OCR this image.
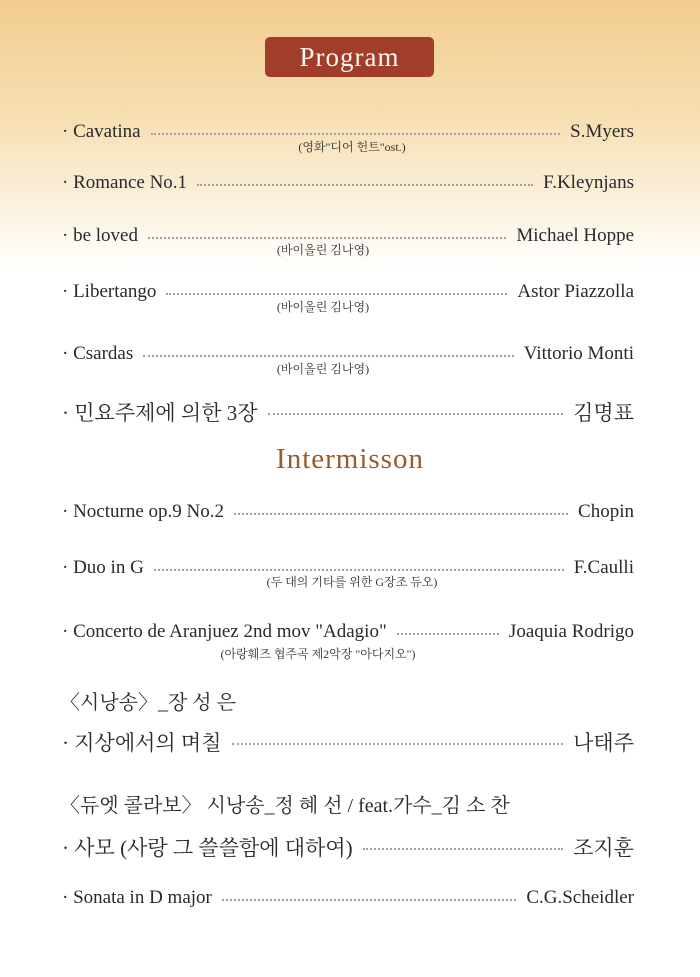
Program
· Cavatina	S.Myers
(영화"디어 헌트"ost.)
· Romance No.1	F.Kleynjans
· be loved	Michael Hoppe
(바이올린 김나영)
· Libertango	Astor Piazzolla
(바이올린 김나영)
· Csardas	Vittorio Monti
(바이올린 김나영)
· 민요주제에 의한 3장	김명표
Intermisson
· Nocturne op.9 No.2	Chopin
· Duo in G	F.Caulli
(두 대의 기타를 위한 G장조 듀오)
· Concerto de Aranjuez 2nd mov "Adagio"	Joaquia Rodrigo
(아랑훼즈 협주곡 제2악장 "아다지오")
〈시낭송〉_장 성 은
· 지상에서의 며칠	나태주
〈듀엣 콜라보〉 시낭송_정 혜 선 / feat.가수_김 소 찬
· 사모 (사랑 그 쓸쓸함에 대하여)	조지훈
· Sonata in D major	C.G.Scheidler
